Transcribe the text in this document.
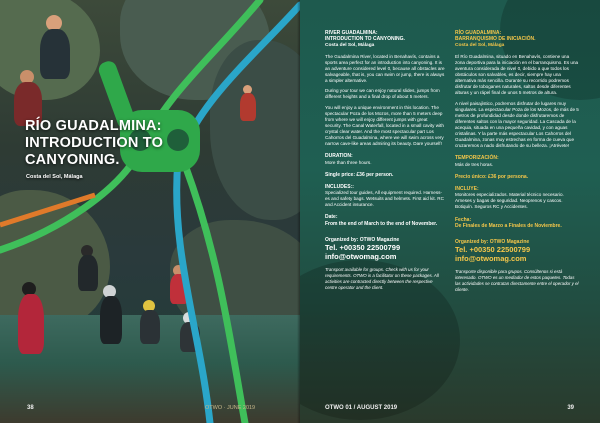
RÍO GUADALMINA:
INTRODUCTION TO
CANYONING.
Costa del Sol, Málaga
38	OTWO · JUNE 2019
RIVER GUADALMINA:
INTRODUCTION TO CANYONING.
Costa del Sol, Málaga

The Guadalmina River, located in Benahavís, contains a sports area perfect for an introduction into canyoning. It is an adventure considered level 0, because all obstacles are salvageable, that is, you can swim or jump, there is always a simpler alternative.

During your tour we can enjoy natural slides, jumps from different heights and a final drop of about 5 meters.

You will enjoy a unique environment in this location. The spectacular Poza de los Mozos, more than 5 meters deep from where we will enjoy different jumps with great security. The Canal Waterfall, located in a small cavity with crystal clear water. And the most spectacular part Los Cahorros del Guadalmina, where we will swim across very narrow cave-like areas admiring its beauty. Dare yourself!

DURATION:
More than three hours.
Single price: £36 per person.
INCLUDES::
Specialized tour guides, All equipment required. Harness-es and safety bags. Wetsuits and helmets. First aid kit. RC and Accident insurance.
Date:
From the end of March to the end of November.
Organized by: OTWO Magazine
Tel. +00350 22500799
info@otwomag.com
Transport available for groups. Check with us for your requirements. OTWO is a facilitator on these packages. All activities are contracted directly between the respective centre operator and the client.
RÍO GUADALMINA:
BARRANQUISMO DE INICIACIÓN.
Costa del Sol, Málaga

El Río Guadalmina, situado en Benahavís, contiene una zona deportiva para la iniciación en el barranquismo. Es una aventura considerada de nivel 0, debido a que todos los obstáculos son salvables, es decir, siempre hay una alternativa más sencilla. Durante su recorrido podremos disfrutar de toboganes naturales, saltos desde diferentes alturas y un rápel final de unos 5 metros de altura.

A nivel paisajístico, podremos disfrutar de lugares muy singulares. La espectacular Poza de los Mozos, de más de 5 metros de profundidad desde donde disfrutaremos de diferentes saltos con la mayor seguridad. La Cascada de la acequia, situada en una pequeña cavidad, y con aguas cristalinas. Y la parte más espectacular Los Cahorros del Guadalmina, zonas muy estrechas en forma de cueva que cruzaremos a nado disfrutando de su belleza. ¡Atrévete!

TEMPORIZACIÓN:
Más de tres horas.
Precio único: £36 por persona.
INCLUYE:
Monitores especializados. Material técnico necesario. Arneses y bagas de seguridad. Neoprenos y cascos. Botiquín. Seguros RC y Accidentes.
Fecha:
De Finales de Marzo a Finales de Noviembre.
Organized by: OTWO Magazine
Tel. +00350 22500799
info@otwomag.com
Transporte disponible para grupos. Consúltenos si está interesado. OTWO es un mediador de estos paquetes. Todas las actividades se contratan directamente entre el operador y el cliente.
OTWO 01 / AUGUST 2019	39
